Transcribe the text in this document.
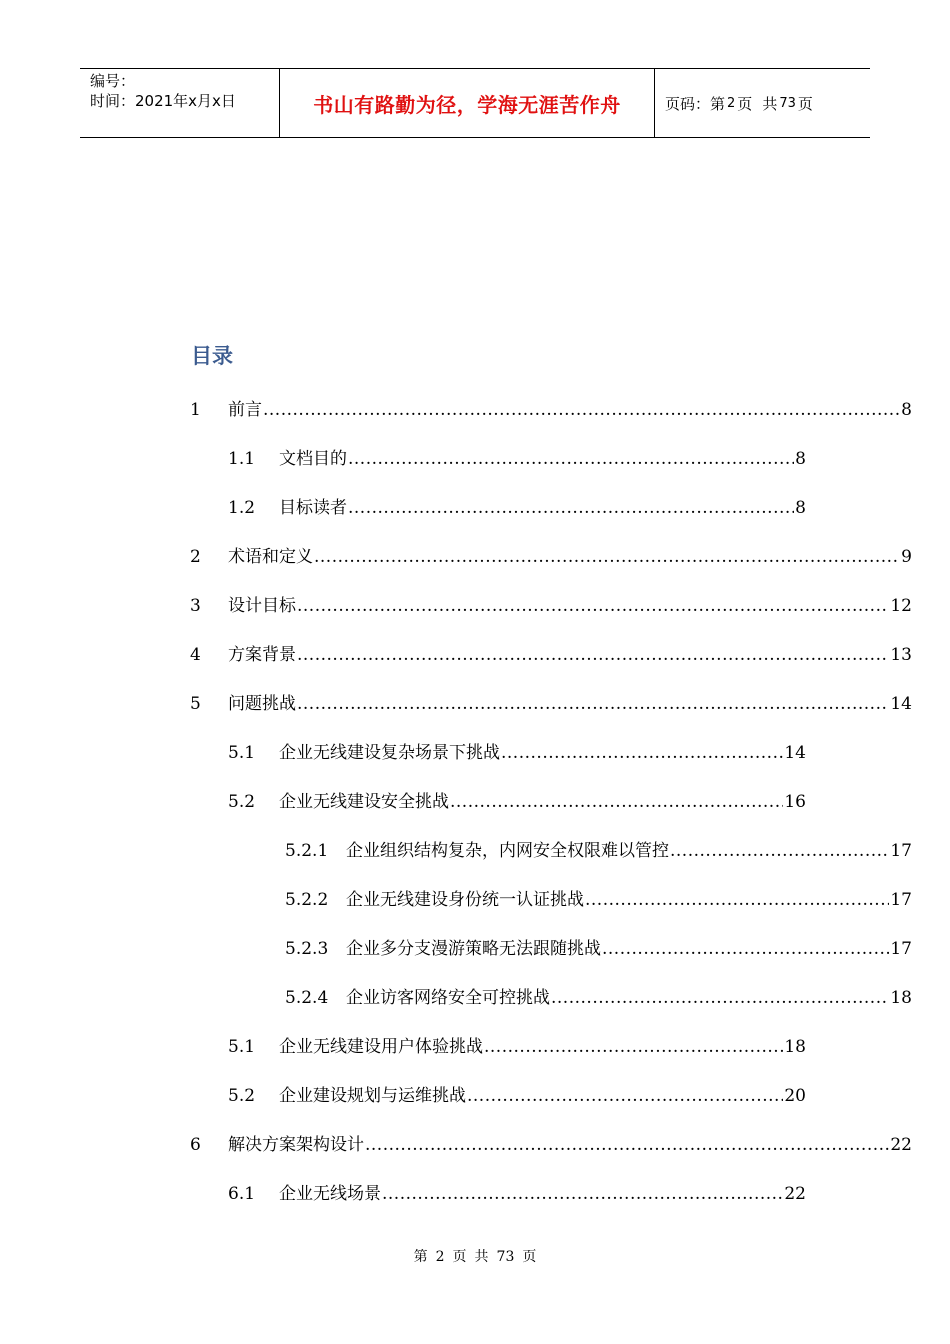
编号：
时间：2021年x月x日	书山有路勤为径，学海无涯苦作舟	页码：第 2 页 共 73 页
目录
1	前言 .....	8
1.1	文档目的 .....	8
1.2	目标读者 .....	8
2	术语和定义 .....	9
3	设计目标 .....	12
4	方案背景 .....	13
5	问题挑战 .....	14
5.1	企业无线建设复杂场景下挑战 .....	14
5.2	企业无线建设安全挑战 .....	16
5.2.1	企业组织结构复杂，内网安全权限难以管控 .....	17
5.2.2	企业无线建设身份统一认证挑战 .....	17
5.2.3	企业多分支漫游策略无法跟随挑战 .....	17
5.2.4	企业访客网络安全可控挑战 .....	18
5.1	企业无线建设用户体验挑战 .....	18
5.2	企业建设规划与运维挑战 .....	20
6	解决方案架构设计 .....	22
6.1	企业无线场景 .....	22
第 2 页 共 73 页
